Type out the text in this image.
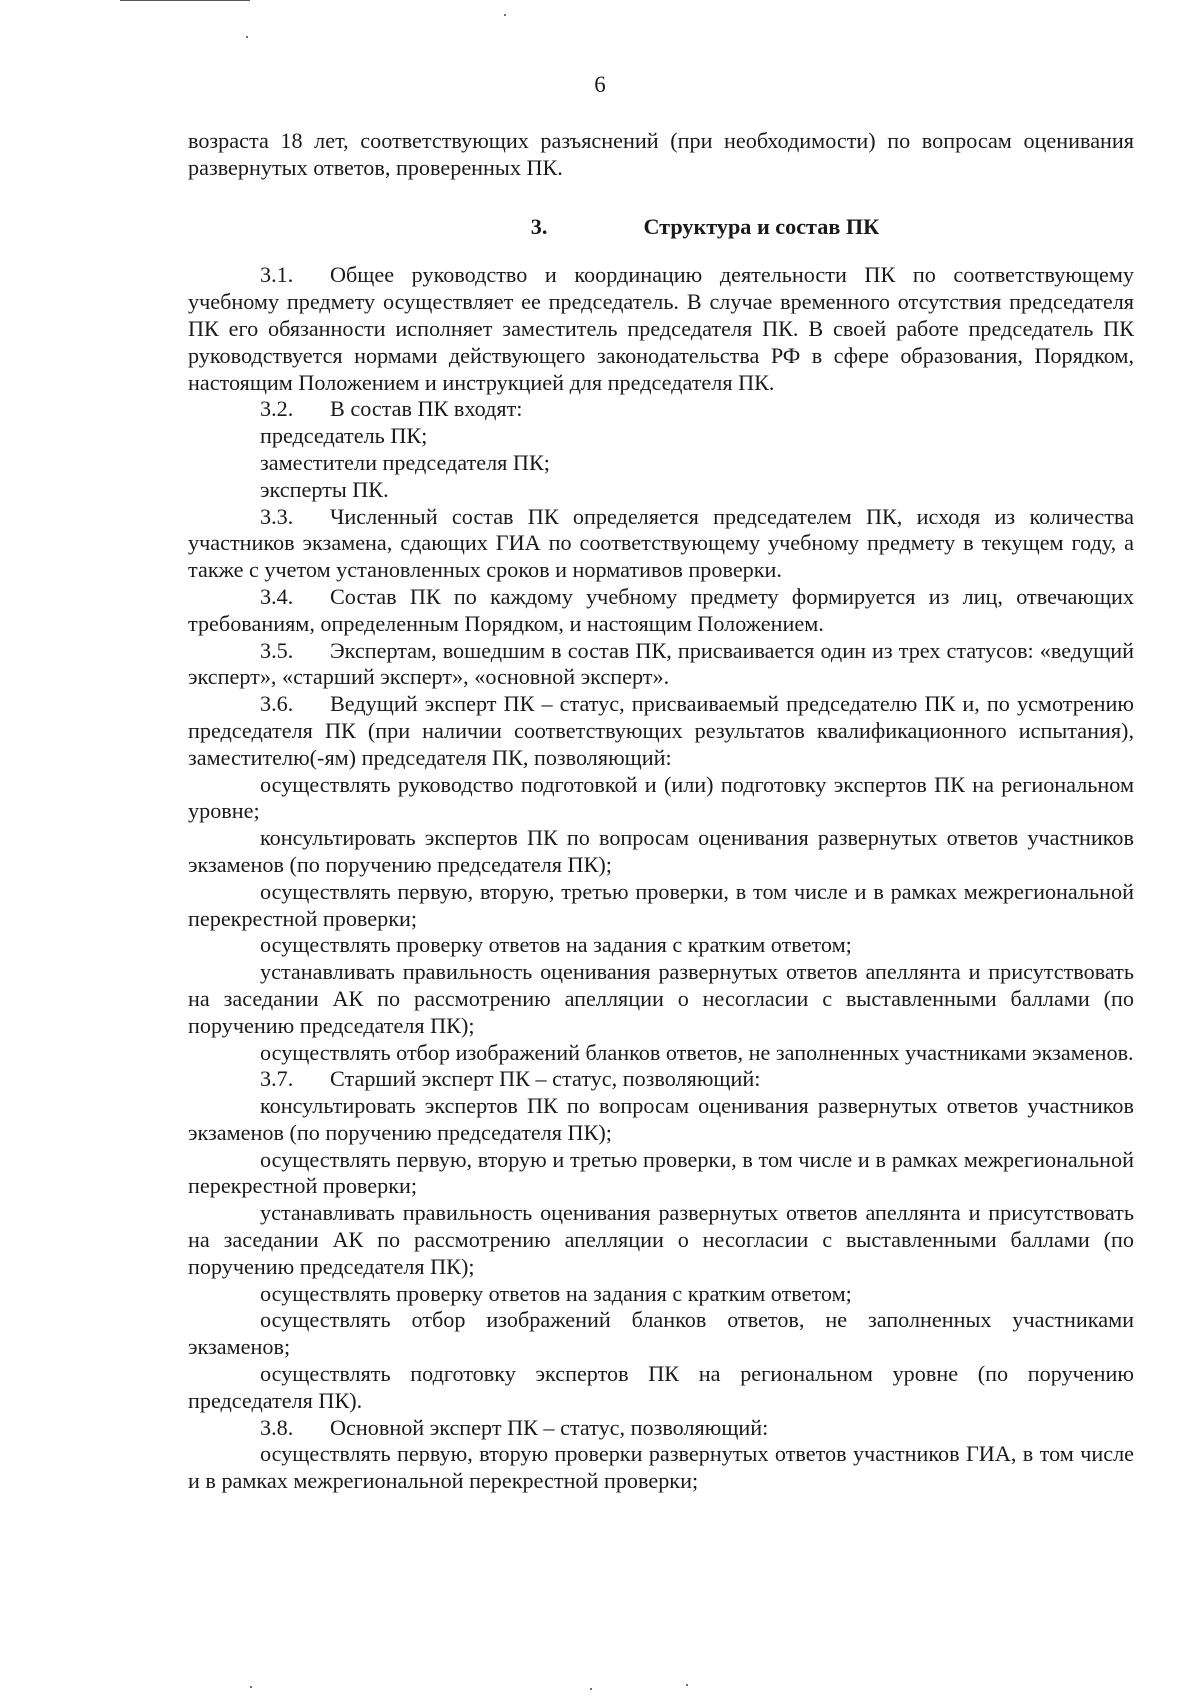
6

возраста 18 лет, соответствующих разъяснений (при необходимости) по вопросам оценивания развернутых ответов, проверенных ПК.

3.	Структура и состав ПК

3.1. Общее руководство и координацию деятельности ПК по соответствующему учебному предмету осуществляет ее председатель. В случае временного отсутствия председателя ПК его обязанности исполняет заместитель председателя ПК. В своей работе председатель ПК руководствуется нормами действующего законодательства РФ в сфере образования, Порядком, настоящим Положением и инструкцией для председателя ПК.

3.2. В состав ПК входят:

председатель ПК;

заместители председателя ПК;

эксперты ПК.

3.3. Численный состав ПК определяется председателем ПК, исходя из количества участников экзамена, сдающих ГИА по соответствующему учебному предмету в текущем году, а также с учетом установленных сроков и нормативов проверки.

3.4. Состав ПК по каждому учебному предмету формируется из лиц, отвечающих требованиям, определенным Порядком, и настоящим Положением.

3.5. Экспертам, вошедшим в состав ПК, присваивается один из трех статусов: «ведущий эксперт», «старший эксперт», «основной эксперт».

3.6. Ведущий эксперт ПК – статус, присваиваемый председателю ПК и, по усмотрению председателя ПК (при наличии соответствующих результатов квалификационного испытания), заместителю(-ям) председателя ПК, позволяющий:

осуществлять руководство подготовкой и (или) подготовку экспертов ПК на региональном уровне;

консультировать экспертов ПК по вопросам оценивания развернутых ответов участников экзаменов (по поручению председателя ПК);

осуществлять первую, вторую, третью проверки, в том числе и в рамках межрегиональной перекрестной проверки;

осуществлять проверку ответов на задания с кратким ответом;

устанавливать правильность оценивания развернутых ответов апеллянта и присутствовать на заседании АК по рассмотрению апелляции о несогласии с выставленными баллами (по поручению председателя ПК);

осуществлять отбор изображений бланков ответов, не заполненных участниками экзаменов.

3.7. Старший эксперт ПК – статус, позволяющий:

консультировать экспертов ПК по вопросам оценивания развернутых ответов участников экзаменов (по поручению председателя ПК);

осуществлять первую, вторую и третью проверки, в том числе и в рамках межрегиональной перекрестной проверки;

устанавливать правильность оценивания развернутых ответов апеллянта и присутствовать на заседании АК по рассмотрению апелляции о несогласии с выставленными баллами (по поручению председателя ПК);

осуществлять проверку ответов на задания с кратким ответом;

осуществлять отбор изображений бланков ответов, не заполненных участниками экзаменов;

осуществлять подготовку экспертов ПК на региональном уровне (по поручению председателя ПК).

3.8. Основной эксперт ПК – статус, позволяющий:

осуществлять первую, вторую проверки развернутых ответов участников ГИА, в том числе и в рамках межрегиональной перекрестной проверки;
